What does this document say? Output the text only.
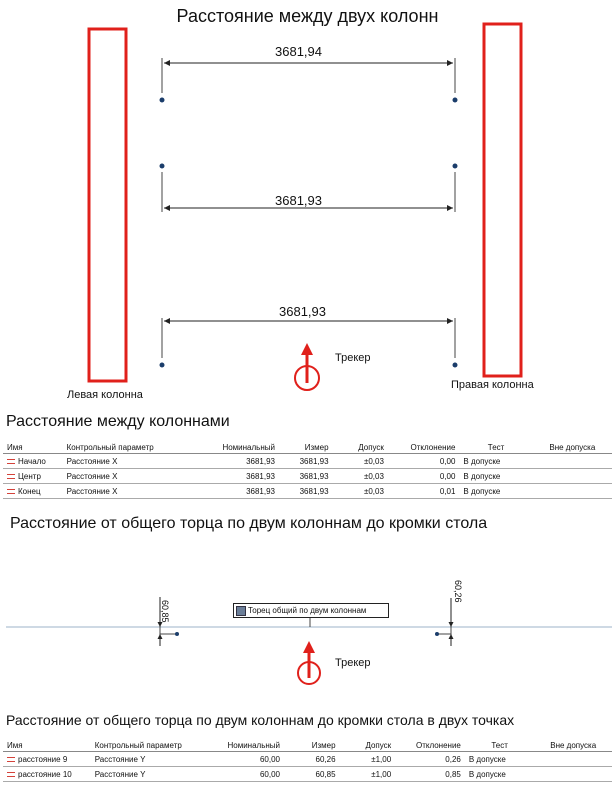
Расстояние между двух колонн
3681,94
3681,93
3681,93
Трекер
Левая колонна
Правая колонна
Расстояние между колоннами
Имя	Контрольный параметр	Номинальный	Измер	Допуск	Отклонение	Тест	Вне допуска
Начало	Расстояние X	3681,93	3681,93	±0,03	0,00	В допуске	
Центр	Расстояние X	3681,93	3681,93	±0,03	0,00	В допуске	
Конец	Расстояние X	3681,93	3681,93	±0,03	0,01	В допуске	
Расстояние от общего торца по двум колоннам до кромки стола
60,85
60,26
Торец общий по двум колоннам
Трекер
Расстояние от общего торца по двум колоннам до кромки стола в двух точках
Имя	Контрольный параметр	Номинальный	Измер	Допуск	Отклонение	Тест	Вне допуска
расстояние 9	Расстояние Y	60,00	60,26	±1,00	0,26	В допуске	
расстояние 10	Расстояние Y	60,00	60,85	±1,00	0,85	В допуске	
